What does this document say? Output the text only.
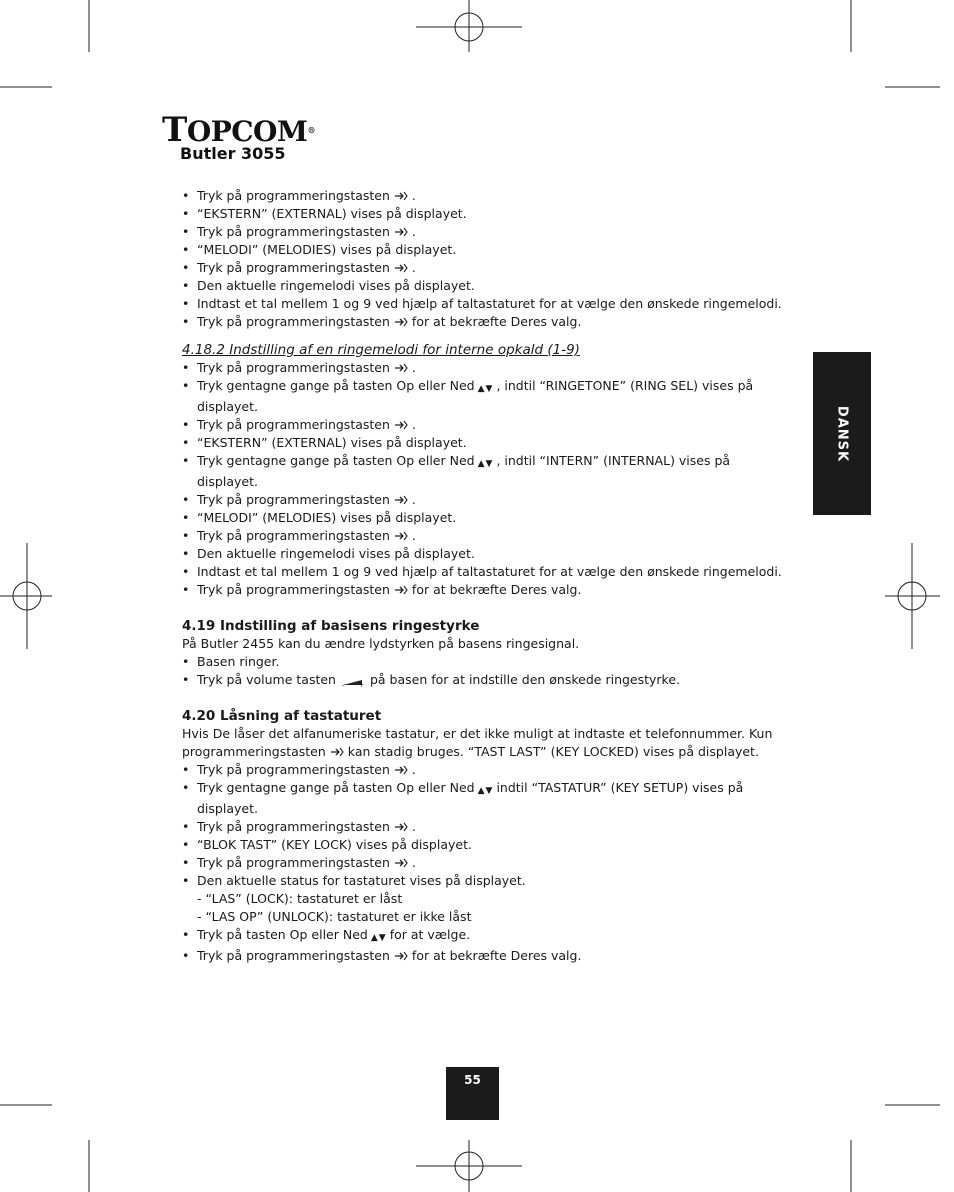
TOPCOM®
Butler 3055
• Tryk på programmeringstasten .
• “EKSTERN” (EXTERNAL) vises på displayet.
• Tryk på programmeringstasten .
• “MELODI” (MELODIES) vises på displayet.
• Tryk på programmeringstasten .
• Den aktuelle ringemelodi vises på displayet.
• Indtast et tal mellem 1 og 9 ved hjælp af taltastaturet for at vælge den ønskede ringemelodi.
• Tryk på programmeringstasten for at bekræfte Deres valg.
4.18.2 Indstilling af en ringemelodi for interne opkald (1-9)
• Tryk på programmeringstasten .
• Tryk gentagne gange på tasten Op eller Ned ▲▼ , indtil “RINGETONE” (RING SEL) vises på
displayet.
• Tryk på programmeringstasten .
• “EKSTERN” (EXTERNAL) vises på displayet.
• Tryk gentagne gange på tasten Op eller Ned ▲▼ , indtil “INTERN” (INTERNAL) vises på
displayet.
• Tryk på programmeringstasten .
• “MELODI” (MELODIES) vises på displayet.
• Tryk på programmeringstasten .
• Den aktuelle ringemelodi vises på displayet.
• Indtast et tal mellem 1 og 9 ved hjælp af taltastaturet for at vælge den ønskede ringemelodi.
• Tryk på programmeringstasten for at bekræfte Deres valg.
4.19 Indstilling af basisens ringestyrke
På Butler 2455 kan du ændre lydstyrken på basens ringesignal.
• Basen ringer.
• Tryk på volume tasten - + på basen for at indstille den ønskede ringestyrke.
4.20 Låsning af tastaturet
Hvis De låser det alfanumeriske tastatur, er det ikke muligt at indtaste et telefonnummer. Kun
programmeringstasten kan stadig bruges. “TAST LAST” (KEY LOCKED) vises på displayet.
• Tryk på programmeringstasten .
• Tryk gentagne gange på tasten Op eller Ned ▲▼ indtil “TASTATUR” (KEY SETUP) vises på
displayet.
• Tryk på programmeringstasten .
• “BLOK TAST” (KEY LOCK) vises på displayet.
• Tryk på programmeringstasten .
• Den aktuelle status for tastaturet vises på displayet.
- “LAS” (LOCK): tastaturet er låst
- “LAS OP” (UNLOCK): tastaturet er ikke låst
• Tryk på tasten Op eller Ned ▲▼ for at vælge.
• Tryk på programmeringstasten for at bekræfte Deres valg.
DANSK
55
